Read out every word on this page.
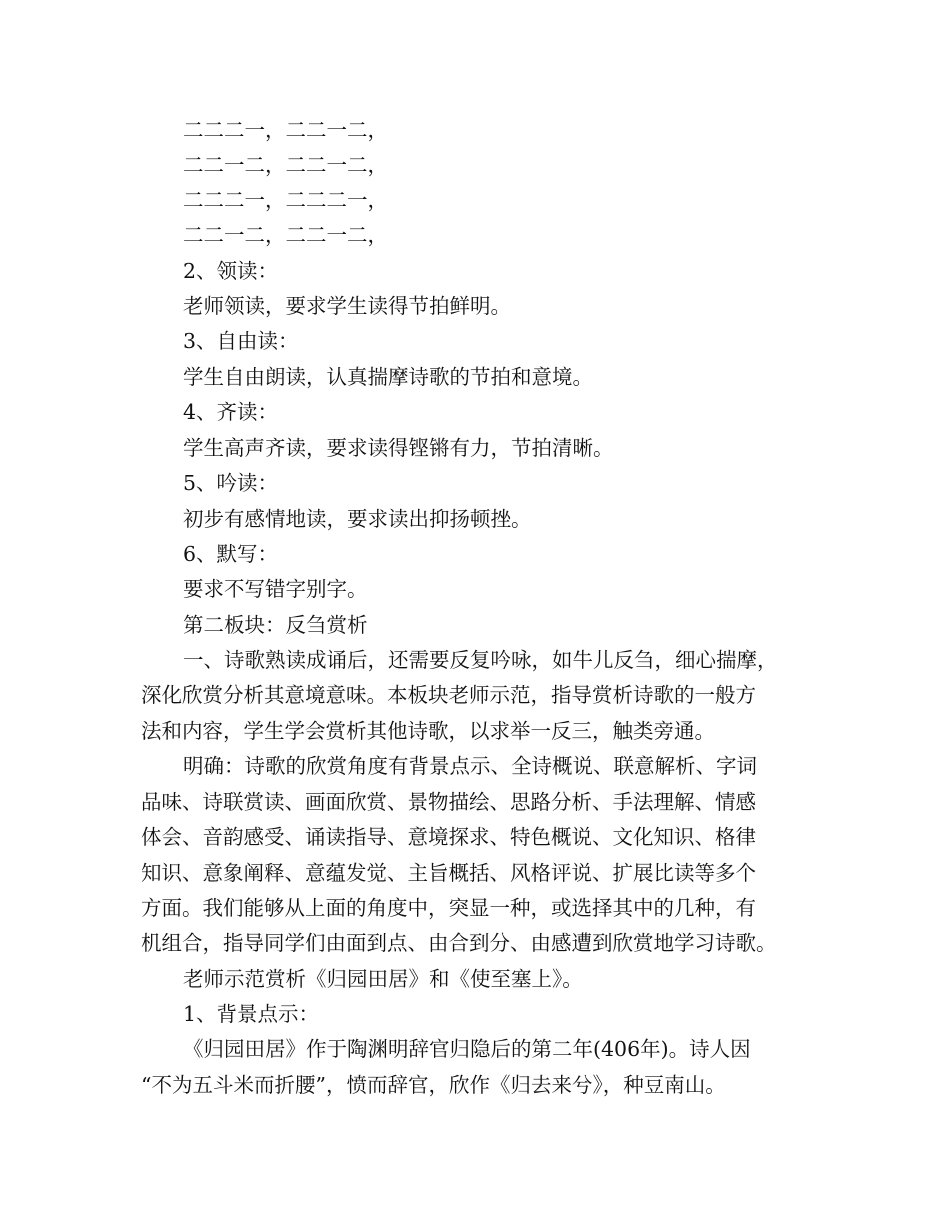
二二二一，二二一二，
二二一二，二二一二，
二二二一，二二二一，
二二一二，二二一二，
2、领读：
老师领读，要求学生读得节拍鲜明。
3、自由读：
学生自由朗读，认真揣摩诗歌的节拍和意境。
4、齐读：
学生高声齐读，要求读得铿锵有力，节拍清晰。
5、吟读：
初步有感情地读，要求读出抑扬顿挫。
6、默写：
要求不写错字别字。
第二板块：反刍赏析
一、诗歌熟读成诵后，还需要反复吟咏，如牛儿反刍，细心揣摩，
深化欣赏分析其意境意味。本板块老师示范，指导赏析诗歌的一般方
法和内容，学生学会赏析其他诗歌，以求举一反三，触类旁通。
明确：诗歌的欣赏角度有背景点示、全诗概说、联意解析、字词
品味、诗联赏读、画面欣赏、景物描绘、思路分析、手法理解、情感
体会、音韵感受、诵读指导、意境探求、特色概说、文化知识、格律
知识、意象阐释、意蕴发觉、主旨概括、风格评说、扩展比读等多个
方面。我们能够从上面的角度中，突显一种，或选择其中的几种，有
机组合，指导同学们由面到点、由合到分、由感遭到欣赏地学习诗歌。
老师示范赏析《归园田居》和《使至塞上》。
1、背景点示：
《归园田居》作于陶渊明辞官归隐后的第二年(406年)。诗人因
“不为五斗米而折腰”，愤而辞官，欣作《归去来兮》，种豆南山。
